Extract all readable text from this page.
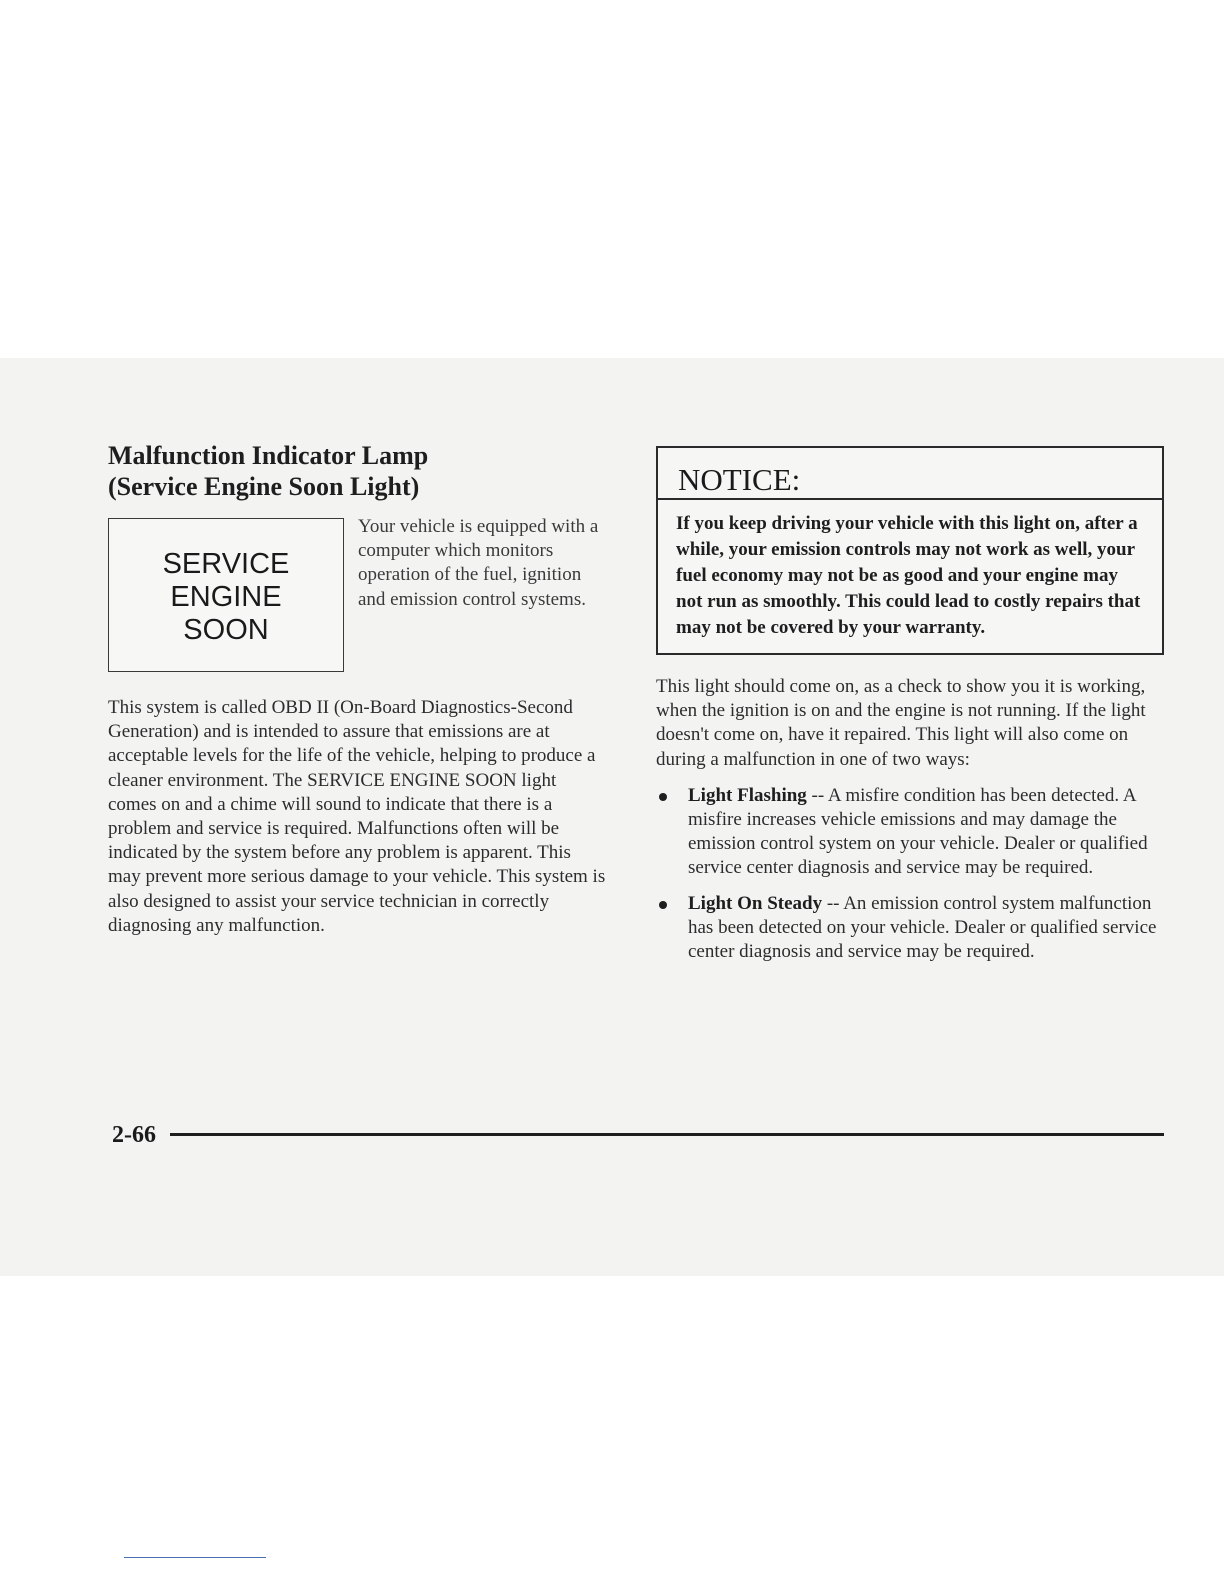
Malfunction Indicator Lamp
(Service Engine Soon Light)
SERVICE
ENGINE
SOON
Your vehicle is equipped with a computer which monitors operation of the fuel, ignition and emission control systems.

This system is called OBD II (On-Board Diagnostics-Second Generation) and is intended to assure that emissions are at acceptable levels for the life of the vehicle, helping to produce a cleaner environment. The SERVICE ENGINE SOON light comes on and a chime will sound to indicate that there is a problem and service is required. Malfunctions often will be indicated by the system before any problem is apparent. This may prevent more serious damage to your vehicle. This system is also designed to assist your service technician in correctly diagnosing any malfunction.

NOTICE:
If you keep driving your vehicle with this light on, after a while, your emission controls may not work as well, your fuel economy may not be as good and your engine may not run as smoothly. This could lead to costly repairs that may not be covered by your warranty.

This light should come on, as a check to show you it is working, when the ignition is on and the engine is not running. If the light doesn't come on, have it repaired. This light will also come on during a malfunction in one of two ways:

Light Flashing -- A misfire condition has been detected. A misfire increases vehicle emissions and may damage the emission control system on your vehicle. Dealer or qualified service center diagnosis and service may be required.
Light On Steady -- An emission control system malfunction has been detected on your vehicle. Dealer or qualified service center diagnosis and service may be required.
2-66
